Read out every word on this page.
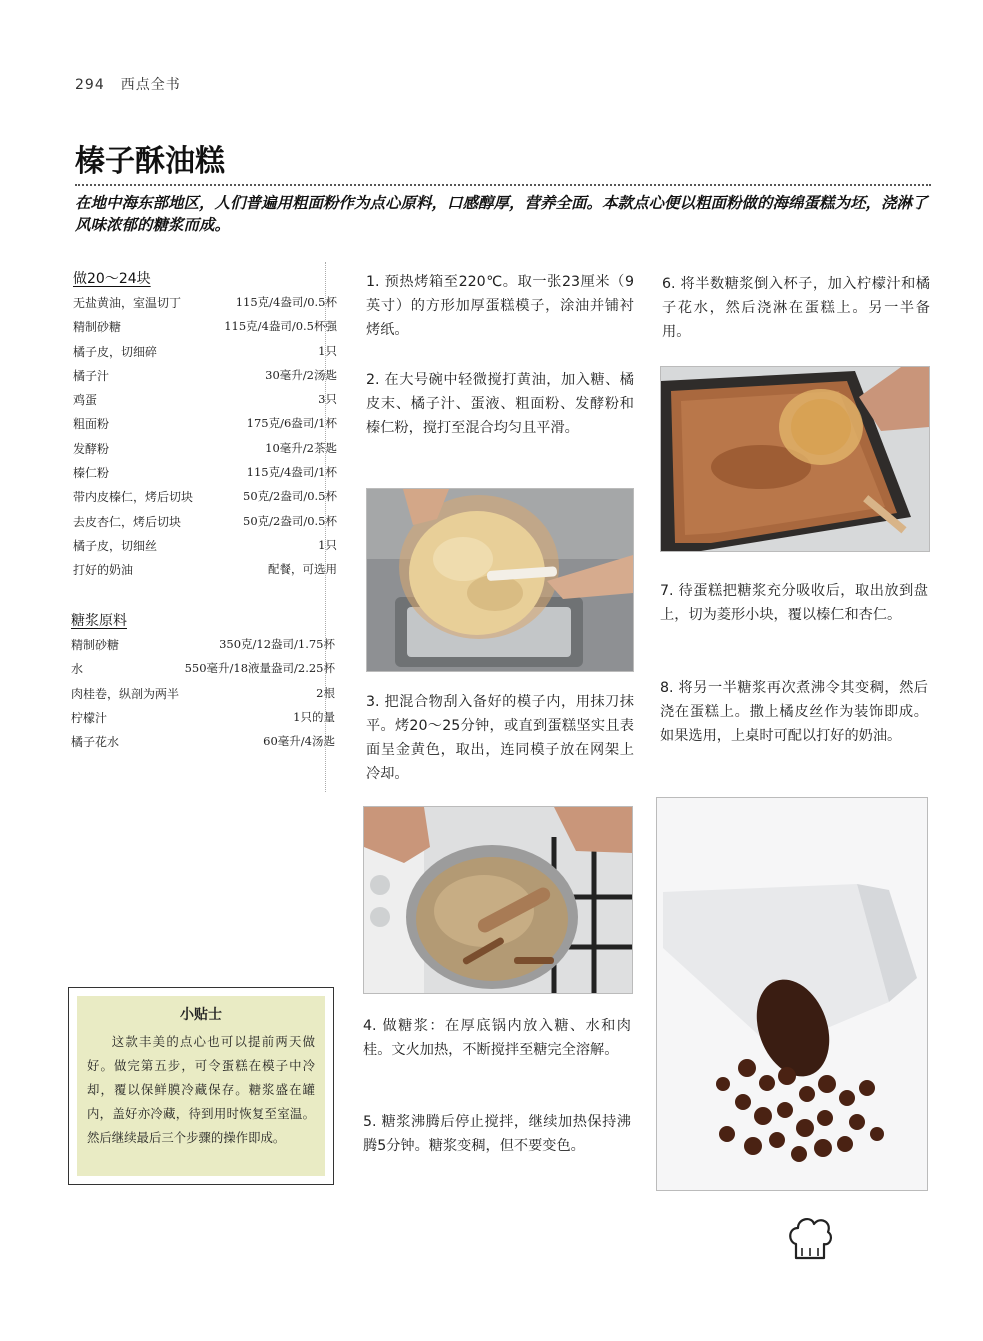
294 西点全书
榛子酥油糕

在地中海东部地区，人们普遍用粗面粉作为点心原料，口感醇厚，营养全面。本款点心便以粗面粉做的海绵蛋糕为坯，浇淋了风味浓郁的糖浆而成。

做20～24块
无盐黄油，室温切丁	115克/4盎司/0.5杯
精制砂糖	115克/4盎司/0.5杯强
橘子皮，切细碎	1只
橘子汁	30毫升/2汤匙
鸡蛋	3只
粗面粉	175克/6盎司/1杯
发酵粉	10毫升/2茶匙
榛仁粉	115克/4盎司/1杯
带内皮榛仁，烤后切块	50克/2盎司/0.5杯
去皮杏仁，烤后切块	50克/2盎司/0.5杯
橘子皮，切细丝	1只
打好的奶油	配餐，可选用
糖浆原料
精制砂糖	350克/12盎司/1.75杯
水	550毫升/18液量盎司/2.25杯
肉桂卷，纵剖为两半	2根
柠檬汁	1只的量
橘子花水	60毫升/4汤匙
小贴士
这款丰美的点心也可以提前两天做好。做完第五步，可令蛋糕在模子中冷却，覆以保鲜膜冷藏保存。糖浆盛在罐内，盖好亦冷藏，待到用时恢复至室温。然后继续最后三个步骤的操作即成。

1. 预热烤箱至220℃。取一张23厘米（9英寸）的方形加厚蛋糕模子，涂油并铺衬烤纸。

2. 在大号碗中轻微搅打黄油，加入糖、橘皮末、橘子汁、蛋液、粗面粉、发酵粉和榛仁粉，搅打至混合均匀且平滑。

3. 把混合物刮入备好的模子内，用抹刀抹平。烤20～25分钟，或直到蛋糕坚实且表面呈金黄色，取出，连同模子放在网架上冷却。

4. 做糖浆：在厚底锅内放入糖、水和肉桂。文火加热，不断搅拌至糖完全溶解。

5. 糖浆沸腾后停止搅拌，继续加热保持沸腾5分钟。糖浆变稠，但不要变色。

6. 将半数糖浆倒入杯子，加入柠檬汁和橘子花水，然后浇淋在蛋糕上。另一半备用。

7. 待蛋糕把糖浆充分吸收后，取出放到盘上，切为菱形小块，覆以榛仁和杏仁。

8. 将另一半糖浆再次煮沸令其变稠，然后浇在蛋糕上。撒上橘皮丝作为装饰即成。如果选用，上桌时可配以打好的奶油。
